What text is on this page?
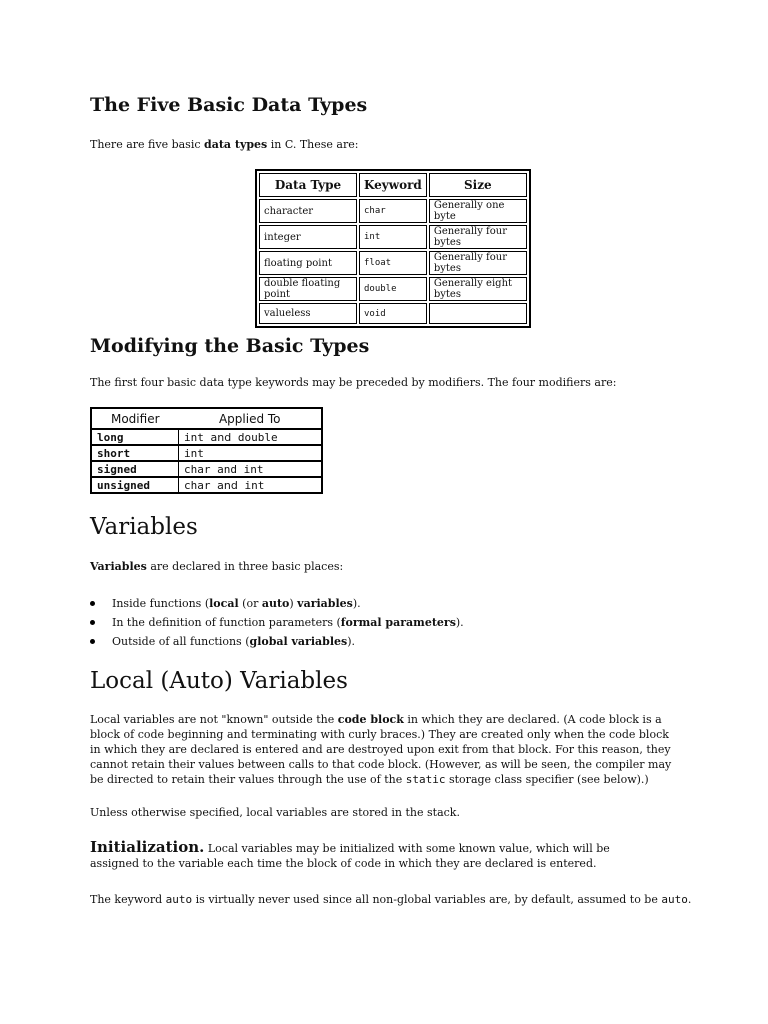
The Five Basic Data Types

There are five basic data types in C. These are:

Data Type	Keyword	Size
character	char	Generally one byte
integer	int	Generally four bytes
floating point	float	Generally four bytes
double floating point	double	Generally eight bytes
valueless	void	
Modifying the Basic Types

The first four basic data type keywords may be preceded by modifiers. The four modifiers are:

Modifier	Applied To
long	int and double
short	int
signed	char and int
unsigned	char and int
Variables

Variables are declared in three basic places:

Inside functions (local (or auto) variables).
In the definition of function parameters (formal parameters).
Outside of all functions (global variables).
Local (Auto) Variables

Local variables are not "known" outside the code block in which they are declared. (A code block is a block of code beginning and terminating with curly braces.) They are created only when the code block in which they are declared is entered and are destroyed upon exit from that block. For this reason, they cannot retain their values between calls to that code block. (However, as will be seen, the compiler may be directed to retain their values through the use of the static storage class specifier (see below).)

Unless otherwise specified, local variables are stored in the stack.

Initialization. Local variables may be initialized with some known value, which will be assigned to the variable each time the block of code in which they are declared is entered.

The keyword auto is virtually never used since all non-global variables are, by default, assumed to be auto.
